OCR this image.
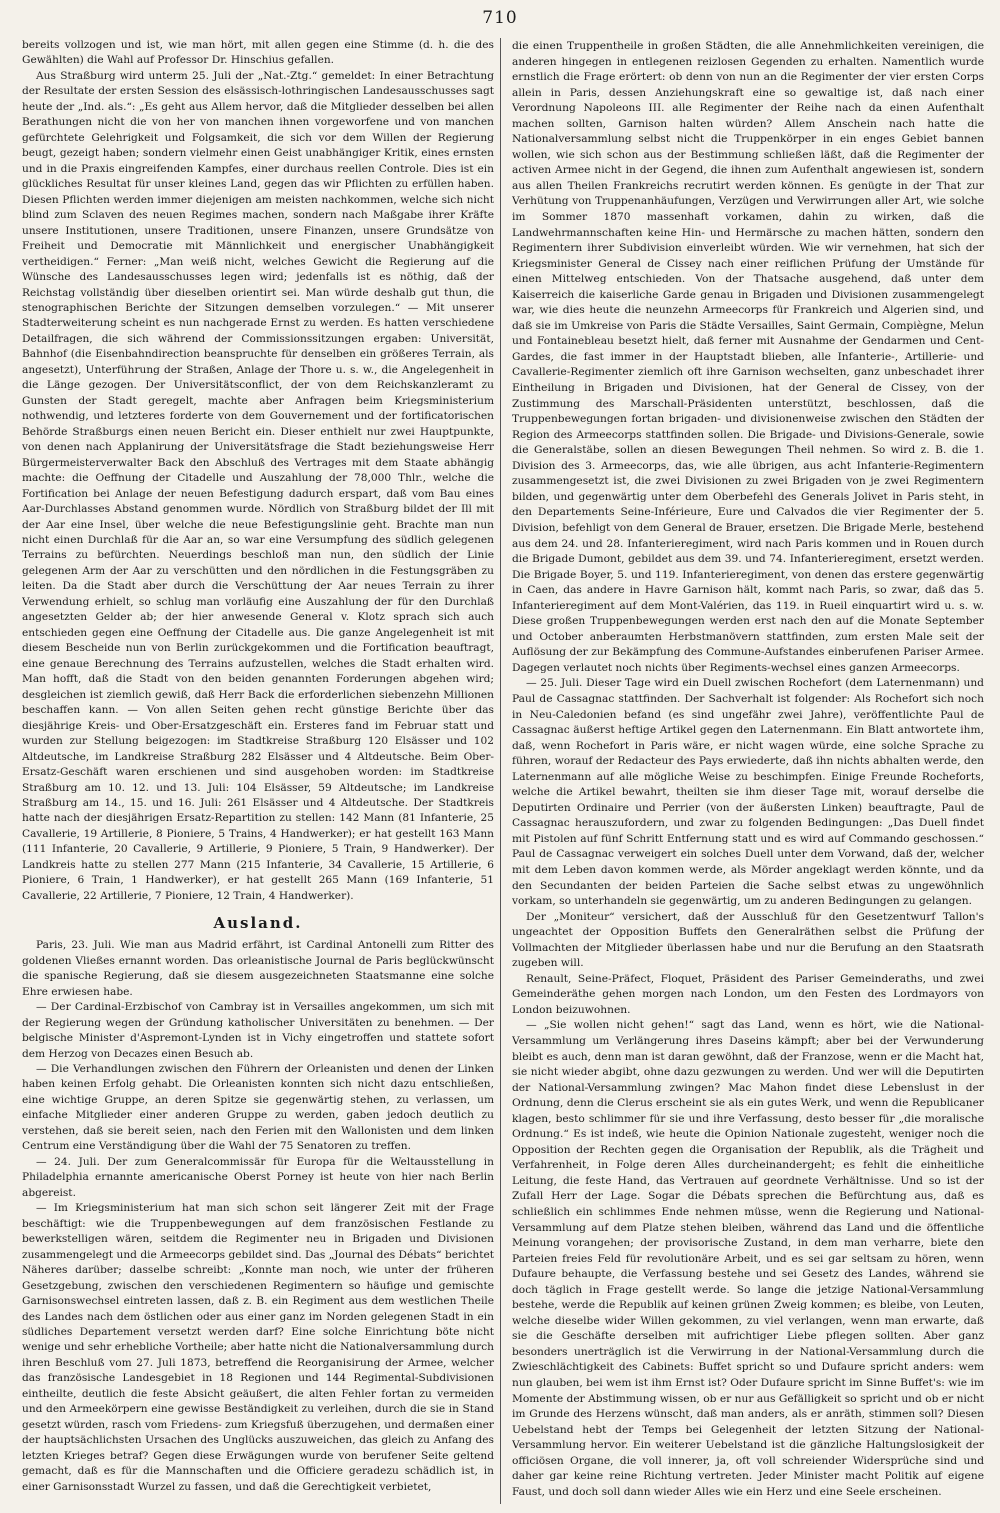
710

bereits vollzogen und ist, wie man hört, mit allen gegen eine Stimme (d. h. die des Gewählten) die Wahl auf Professor Dr. Hinschius gefallen.

Aus Straßburg wird unterm 25. Juli der „Nat.-Ztg.“ gemeldet: In einer Betrachtung der Resultate der ersten Session des elsässisch-lothringischen Landesausschusses sagt heute der „Ind. als.“: „Es geht aus Allem hervor, daß die Mitglieder desselben bei allen Berathungen nicht die von her von manchen ihnen vorgeworfene und von manchen gefürchtete Gelehrigkeit und Folgsamkeit, die sich vor dem Willen der Regierung beugt, gezeigt haben; sondern vielmehr einen Geist unabhängiger Kritik, eines ernsten und in die Praxis eingreifenden Kampfes, einer durchaus reellen Controle. Dies ist ein glückliches Resultat für unser kleines Land, gegen das wir Pflichten zu erfüllen haben. Diesen Pflichten werden immer diejenigen am meisten nachkommen, welche sich nicht blind zum Sclaven des neuen Regimes machen, sondern nach Maßgabe ihrer Kräfte unsere Institutionen, unsere Traditionen, unsere Finanzen, unsere Grundsätze von Freiheit und Democratie mit Männlichkeit und energischer Unabhängigkeit vertheidigen.“ Ferner: „Man weiß nicht, welches Gewicht die Regierung auf die Wünsche des Landesausschusses legen wird; jedenfalls ist es nöthig, daß der Reichstag vollständig über dieselben orientirt sei. Man würde deshalb gut thun, die stenographischen Berichte der Sitzungen demselben vorzulegen.“ — Mit unserer Stadterweiterung scheint es nun nachgerade Ernst zu werden. Es hatten verschiedene Detailfragen, die sich während der Commissionssitzungen ergaben: Universität, Bahnhof (die Eisenbahndirection beanspruchte für denselben ein größeres Terrain, als angesetzt), Unterführung der Straßen, Anlage der Thore u. s. w., die Angelegenheit in die Länge gezogen. Der Universitätsconflict, der von dem Reichskanzleramt zu Gunsten der Stadt geregelt, machte aber Anfragen beim Kriegsministerium nothwendig, und letzteres forderte von dem Gouvernement und der fortificatorischen Behörde Straßburgs einen neuen Bericht ein. Dieser enthielt nur zwei Hauptpunkte, von denen nach Applanirung der Universitätsfrage die Stadt beziehungsweise Herr Bürgermeisterverwalter Back den Abschluß des Vertrages mit dem Staate abhängig machte: die Oeffnung der Citadelle und Auszahlung der 78,000 Thlr., welche die Fortification bei Anlage der neuen Befestigung dadurch erspart, daß vom Bau eines Aar-Durchlasses Abstand genommen wurde. Nördlich von Straßburg bildet der Ill mit der Aar eine Insel, über welche die neue Befestigungslinie geht. Brachte man nun nicht einen Durchlaß für die Aar an, so war eine Versumpfung des südlich gelegenen Terrains zu befürchten. Neuerdings beschloß man nun, den südlich der Linie gelegenen Arm der Aar zu verschütten und den nördlichen in die Festungsgräben zu leiten. Da die Stadt aber durch die Verschüttung der Aar neues Terrain zu ihrer Verwendung erhielt, so schlug man vorläufig eine Auszahlung der für den Durchlaß angesetzten Gelder ab; der hier anwesende General v. Klotz sprach sich auch entschieden gegen eine Oeffnung der Citadelle aus. Die ganze Angelegenheit ist mit diesem Bescheide nun von Berlin zurückgekommen und die Fortification beauftragt, eine genaue Berechnung des Terrains aufzustellen, welches die Stadt erhalten wird. Man hofft, daß die Stadt von den beiden genannten Forderungen abgehen wird; desgleichen ist ziemlich gewiß, daß Herr Back die erforderlichen siebenzehn Millionen beschaffen kann. — Von allen Seiten gehen recht günstige Berichte über das diesjährige Kreis- und Ober-Ersatzgeschäft ein. Ersteres fand im Februar statt und wurden zur Stellung beigezogen: im Stadtkreise Straßburg 120 Elsässer und 102 Altdeutsche, im Landkreise Straßburg 282 Elsässer und 4 Altdeutsche. Beim Ober-Ersatz-Geschäft waren erschienen und sind ausgehoben worden: im Stadtkreise Straßburg am 10. 12. und 13. Juli: 104 Elsässer, 59 Altdeutsche; im Landkreise Straßburg am 14., 15. und 16. Juli: 261 Elsässer und 4 Altdeutsche. Der Stadtkreis hatte nach der diesjährigen Ersatz-Repartition zu stellen: 142 Mann (81 Infanterie, 25 Cavallerie, 19 Artillerie, 8 Pioniere, 5 Trains, 4 Handwerker); er hat gestellt 163 Mann (111 Infanterie, 20 Cavallerie, 9 Artillerie, 9 Pioniere, 5 Train, 9 Handwerker). Der Landkreis hatte zu stellen 277 Mann (215 Infanterie, 34 Cavallerie, 15 Artillerie, 6 Pioniere, 6 Train, 1 Handwerker), er hat gestellt 265 Mann (169 Infanterie, 51 Cavallerie, 22 Artillerie, 7 Pioniere, 12 Train, 4 Handwerker).

Ausland.

Paris, 23. Juli. Wie man aus Madrid erfährt, ist Cardinal Antonelli zum Ritter des goldenen Vließes ernannt worden. Das orleanistische Journal de Paris beglückwünscht die spanische Regierung, daß sie diesem ausgezeichneten Staatsmanne eine solche Ehre erwiesen habe.

— Der Cardinal-Erzbischof von Cambray ist in Versailles angekommen, um sich mit der Regierung wegen der Gründung katholischer Universitäten zu benehmen. — Der belgische Minister d'Aspremont-Lynden ist in Vichy eingetroffen und stattete sofort dem Herzog von Decazes einen Besuch ab.

— Die Verhandlungen zwischen den Führern der Orleanisten und denen der Linken haben keinen Erfolg gehabt. Die Orleanisten konnten sich nicht dazu entschließen, eine wichtige Gruppe, an deren Spitze sie gegenwärtig stehen, zu verlassen, um einfache Mitglieder einer anderen Gruppe zu werden, gaben jedoch deutlich zu verstehen, daß sie bereit seien, nach den Ferien mit den Wallonisten und dem linken Centrum eine Verständigung über die Wahl der 75 Senatoren zu treffen.

— 24. Juli. Der zum Generalcommissär für Europa für die Weltausstellung in Philadelphia ernannte americanische Oberst Porney ist heute von hier nach Berlin abgereist.

— Im Kriegsministerium hat man sich schon seit längerer Zeit mit der Frage beschäftigt: wie die Truppenbewegungen auf dem französischen Festlande zu bewerkstelligen wären, seitdem die Regimenter neu in Brigaden und Divisionen zusammengelegt und die Armeecorps gebildet sind. Das „Journal des Débats“ berichtet Näheres darüber; dasselbe schreibt: „Konnte man noch, wie unter der früheren Gesetzgebung, zwischen den verschiedenen Regimentern so häufige und gemischte Garnisonswechsel eintreten lassen, daß z. B. ein Regiment aus dem westlichen Theile des Landes nach dem östlichen oder aus einer ganz im Norden gelegenen Stadt in ein südliches Departement versetzt werden darf? Eine solche Einrichtung böte nicht wenige und sehr erhebliche Vortheile; aber hatte nicht die Nationalversammlung durch ihren Beschluß vom 27. Juli 1873, betreffend die Reorganisirung der Armee, welcher das französische Landesgebiet in 18 Regionen und 144 Regimental-Subdivisionen eintheilte, deutlich die feste Absicht geäußert, die alten Fehler fortan zu vermeiden und den Armeekörpern eine gewisse Beständigkeit zu verleihen, durch die sie in Stand gesetzt würden, rasch vom Friedens- zum Kriegsfuß überzugehen, und dermaßen einer der hauptsächlichsten Ursachen des Unglücks auszuweichen, das gleich zu Anfang des letzten Krieges betraf? Gegen diese Erwägungen wurde von berufener Seite geltend gemacht, daß es für die Mannschaften und die Officiere geradezu schädlich ist, in einer Garnisonsstadt Wurzel zu fassen, und daß die Gerechtigkeit verbietet,

die einen Truppentheile in großen Städten, die alle Annehmlichkeiten vereinigen, die anderen hingegen in entlegenen reizlosen Gegenden zu erhalten. Namentlich wurde ernstlich die Frage erörtert: ob denn von nun an die Regimenter der vier ersten Corps allein in Paris, dessen Anziehungskraft eine so gewaltige ist, daß nach einer Verordnung Napoleons III. alle Regimenter der Reihe nach da einen Aufenthalt machen sollten, Garnison halten würden? Allem Anschein nach hatte die Nationalversammlung selbst nicht die Truppenkörper in ein enges Gebiet bannen wollen, wie sich schon aus der Bestimmung schließen läßt, daß die Regimenter der activen Armee nicht in der Gegend, die ihnen zum Aufenthalt angewiesen ist, sondern aus allen Theilen Frankreichs recrutirt werden können. Es genügte in der That zur Verhütung von Truppenanhäufungen, Verzügen und Verwirrungen aller Art, wie solche im Sommer 1870 massenhaft vorkamen, dahin zu wirken, daß die Landwehrmannschaften keine Hin- und Hermärsche zu machen hätten, sondern den Regimentern ihrer Subdivision einverleibt würden. Wie wir vernehmen, hat sich der Kriegsminister General de Cissey nach einer reiflichen Prüfung der Umstände für einen Mittelweg entschieden. Von der Thatsache ausgehend, daß unter dem Kaiserreich die kaiserliche Garde genau in Brigaden und Divisionen zusammengelegt war, wie dies heute die neunzehn Armeecorps für Frankreich und Algerien sind, und daß sie im Umkreise von Paris die Städte Versailles, Saint Germain, Compiègne, Melun und Fontainebleau besetzt hielt, daß ferner mit Ausnahme der Gendarmen und Cent-Gardes, die fast immer in der Hauptstadt blieben, alle Infanterie-, Artillerie- und Cavallerie-Regimenter ziemlich oft ihre Garnison wechselten, ganz unbeschadet ihrer Eintheilung in Brigaden und Divisionen, hat der General de Cissey, von der Zustimmung des Marschall-Präsidenten unterstützt, beschlossen, daß die Truppenbewegungen fortan brigaden- und divisionenweise zwischen den Städten der Region des Armeecorps stattfinden sollen. Die Brigade- und Divisions-Generale, sowie die Generalstäbe, sollen an diesen Bewegungen Theil nehmen. So wird z. B. die 1. Division des 3. Armeecorps, das, wie alle übrigen, aus acht Infanterie-Regimentern zusammengesetzt ist, die zwei Divisionen zu zwei Brigaden von je zwei Regimentern bilden, und gegenwärtig unter dem Oberbefehl des Generals Jolivet in Paris steht, in den Departements Seine-Inférieure, Eure und Calvados die vier Regimenter der 5. Division, befehligt von dem General de Brauer, ersetzen. Die Brigade Merle, bestehend aus dem 24. und 28. Infanterieregiment, wird nach Paris kommen und in Rouen durch die Brigade Dumont, gebildet aus dem 39. und 74. Infanterieregiment, ersetzt werden. Die Brigade Boyer, 5. und 119. Infanterieregiment, von denen das erstere gegenwärtig in Caen, das andere in Havre Garnison hält, kommt nach Paris, so zwar, daß das 5. Infanterieregiment auf dem Mont-Valérien, das 119. in Rueil einquartirt wird u. s. w. Diese großen Truppenbewegungen werden erst nach den auf die Monate September und October anberaumten Herbstmanövern stattfinden, zum ersten Male seit der Auflösung der zur Bekämpfung des Commune-Aufstandes einberufenen Pariser Armee. Dagegen verlautet noch nichts über Regiments-wechsel eines ganzen Armeecorps.

— 25. Juli. Dieser Tage wird ein Duell zwischen Rochefort (dem Laternenmann) und Paul de Cassagnac stattfinden. Der Sachverhalt ist folgender: Als Rochefort sich noch in Neu-Caledonien befand (es sind ungefähr zwei Jahre), veröffentlichte Paul de Cassagnac äußerst heftige Artikel gegen den Laternenmann. Ein Blatt antwortete ihm, daß, wenn Rochefort in Paris wäre, er nicht wagen würde, eine solche Sprache zu führen, worauf der Redacteur des Pays erwiederte, daß ihn nichts abhalten werde, den Laternenmann auf alle mögliche Weise zu beschimpfen. Einige Freunde Rocheforts, welche die Artikel bewahrt, theilten sie ihm dieser Tage mit, worauf derselbe die Deputirten Ordinaire und Perrier (von der äußersten Linken) beauftragte, Paul de Cassagnac herauszufordern, und zwar zu folgenden Bedingungen: „Das Duell findet mit Pistolen auf fünf Schritt Entfernung statt und es wird auf Commando geschossen.“ Paul de Cassagnac verweigert ein solches Duell unter dem Vorwand, daß der, welcher mit dem Leben davon kommen werde, als Mörder angeklagt werden könnte, und da den Secundanten der beiden Parteien die Sache selbst etwas zu ungewöhnlich vorkam, so unterhandeln sie gegenwärtig, um zu anderen Bedingungen zu gelangen.

Der „Moniteur“ versichert, daß der Ausschluß für den Gesetzentwurf Tallon's ungeachtet der Opposition Buffets den Generalräthen selbst die Prüfung der Vollmachten der Mitglieder überlassen habe und nur die Berufung an den Staatsrath zugeben will.

Renault, Seine-Präfect, Floquet, Präsident des Pariser Gemeinderaths, und zwei Gemeinderäthe gehen morgen nach London, um den Festen des Lordmayors von London beizuwohnen.

— „Sie wollen nicht gehen!“ sagt das Land, wenn es hört, wie die National-Versammlung um Verlängerung ihres Daseins kämpft; aber bei der Verwunderung bleibt es auch, denn man ist daran gewöhnt, daß der Franzose, wenn er die Macht hat, sie nicht wieder abgibt, ohne dazu gezwungen zu werden. Und wer will die Deputirten der National-Versammlung zwingen? Mac Mahon findet diese Lebenslust in der Ordnung, denn die Clerus erscheint sie als ein gutes Werk, und wenn die Republicaner klagen, besto schlimmer für sie und ihre Verfassung, desto besser für „die moralische Ordnung.“ Es ist indeß, wie heute die Opinion Nationale zugesteht, weniger noch die Opposition der Rechten gegen die Organisation der Republik, als die Trägheit und Verfahrenheit, in Folge deren Alles durcheinandergeht; es fehlt die einheitliche Leitung, die feste Hand, das Vertrauen auf geordnete Verhältnisse. Und so ist der Zufall Herr der Lage. Sogar die Débats sprechen die Befürchtung aus, daß es schließlich ein schlimmes Ende nehmen müsse, wenn die Regierung und National-Versammlung auf dem Platze stehen bleiben, während das Land und die öffentliche Meinung vorangehen; der provisorische Zustand, in dem man verharre, biete den Parteien freies Feld für revolutionäre Arbeit, und es sei gar seltsam zu hören, wenn Dufaure behaupte, die Verfassung bestehe und sei Gesetz des Landes, während sie doch täglich in Frage gestellt werde. So lange die jetzige National-Versammlung bestehe, werde die Republik auf keinen grünen Zweig kommen; es bleibe, von Leuten, welche dieselbe wider Willen gekommen, zu viel verlangen, wenn man erwarte, daß sie die Geschäfte derselben mit aufrichtiger Liebe pflegen sollten. Aber ganz besonders unerträglich ist die Verwirrung in der National-Versammlung durch die Zwieschlächtigkeit des Cabinets: Buffet spricht so und Dufaure spricht anders: wem nun glauben, bei wem ist ihm Ernst ist? Oder Dufaure spricht im Sinne Buffet's: wie im Momente der Abstimmung wissen, ob er nur aus Gefälligkeit so spricht und ob er nicht im Grunde des Herzens wünscht, daß man anders, als er anräth, stimmen soll? Diesen Uebelstand hebt der Temps bei Gelegenheit der letzten Sitzung der National-Versammlung hervor. Ein weiterer Uebelstand ist die gänzliche Haltungslosigkeit der officiösen Organe, die voll innerer, ja, oft voll schreiender Widersprüche sind und daher gar keine reine Richtung vertreten. Jeder Minister macht Politik auf eigene Faust, und doch soll dann wieder Alles wie ein Herz und eine Seele erscheinen.
